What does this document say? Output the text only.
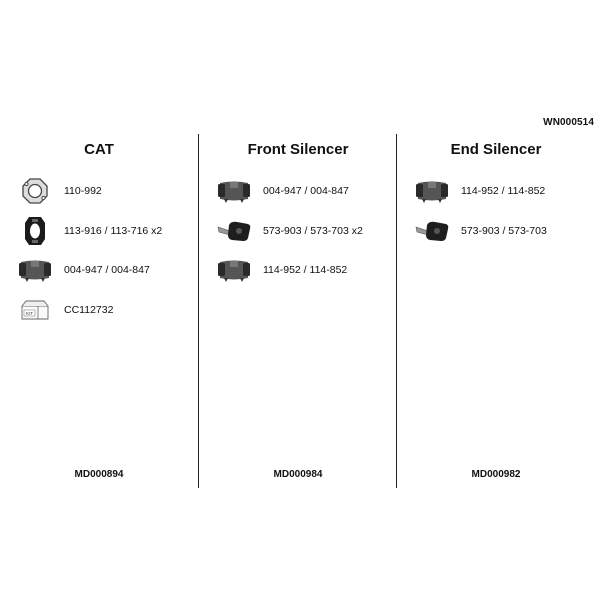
WN000514
CAT
110-992
113-916 / 113-716 x2
004-947 / 004-847
KIT	CC112732
MD000894
Front Silencer
004-947 / 004-847
573-903 / 573-703 x2
114-952 / 114-852
MD000984
End Silencer
114-952 / 114-852
573-903 / 573-703
MD000982
